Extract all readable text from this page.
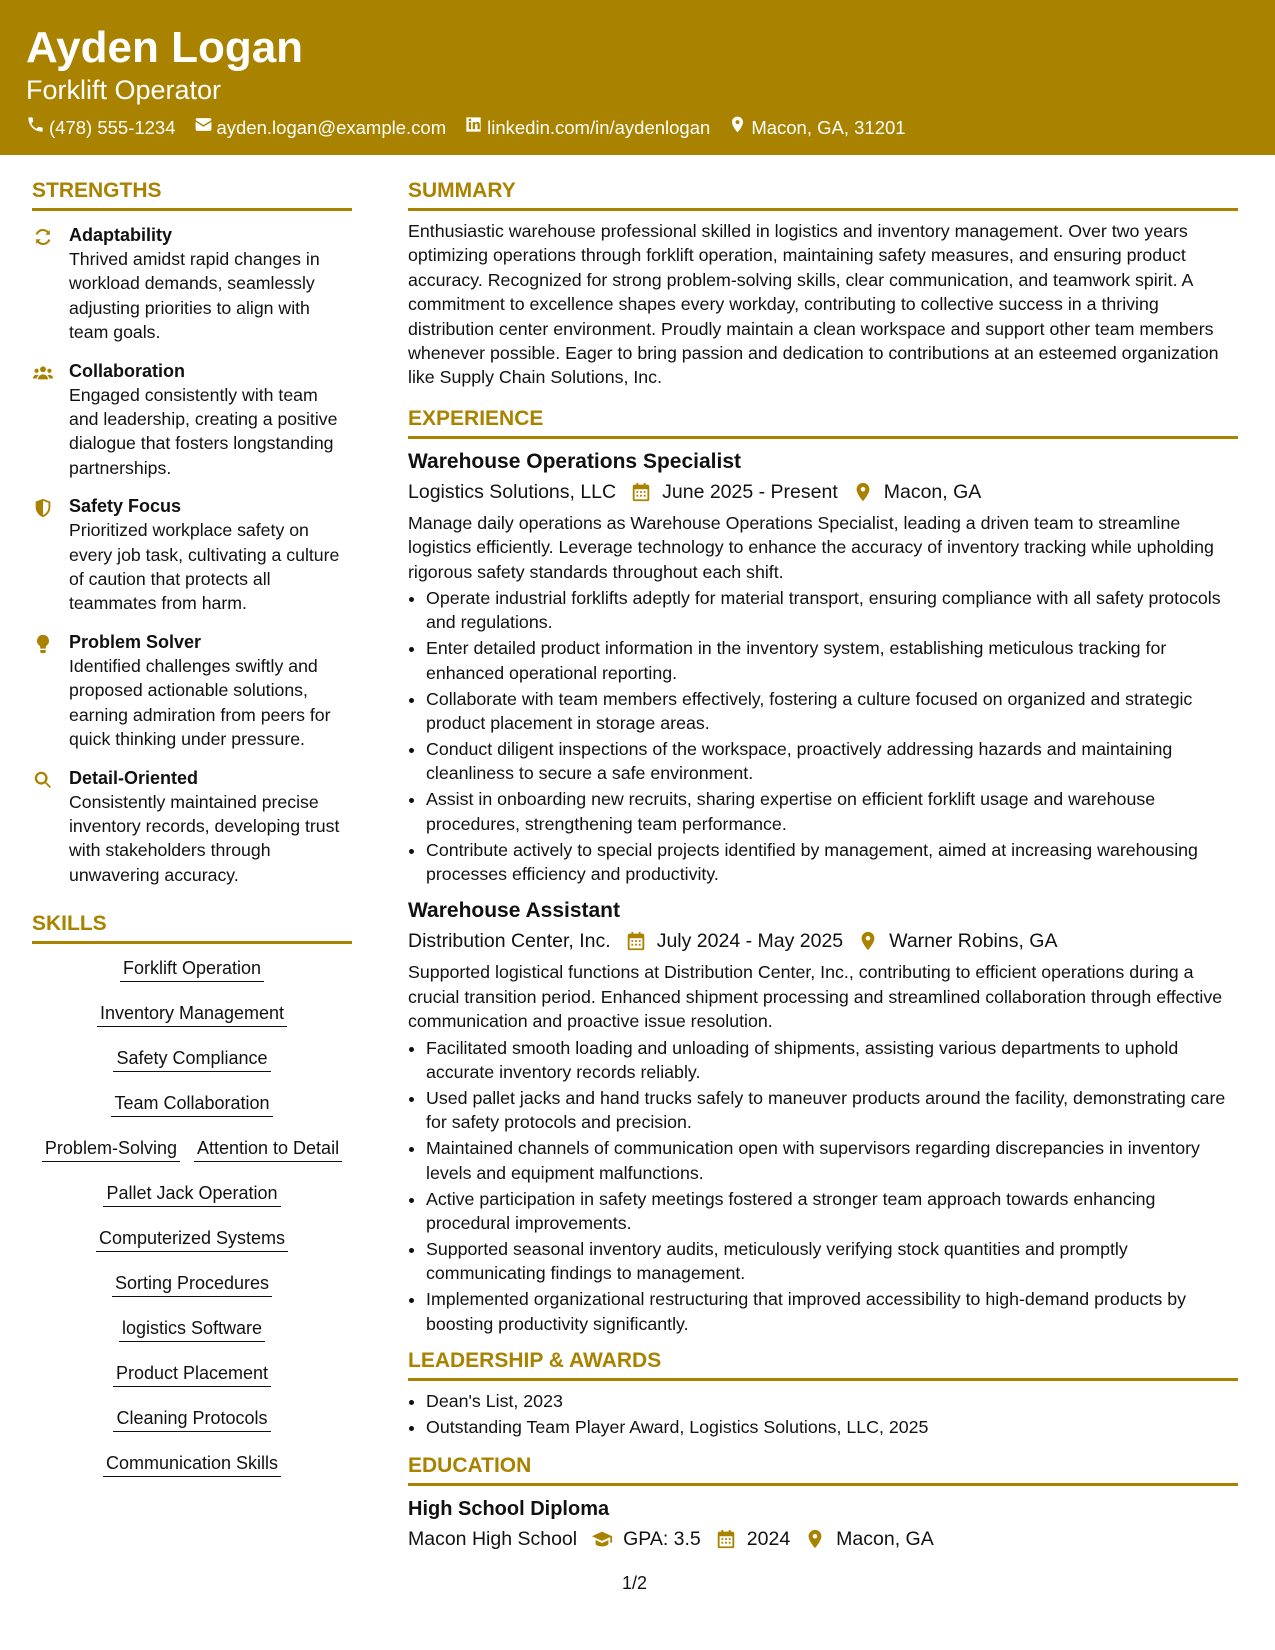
Ayden Logan
Forklift Operator
(478) 555-1234 ayden.logan@example.com linkedin.com/in/aydenlogan Macon, GA, 31201
STRENGTHS
Adaptability
Thrived amidst rapid changes in workload demands, seamlessly adjusting priorities to align with team goals.
Collaboration
Engaged consistently with team and leadership, creating a positive dialogue that fosters longstanding partnerships.
Safety Focus
Prioritized workplace safety on every job task, cultivating a culture of caution that protects all teammates from harm.
Problem Solver
Identified challenges swiftly and proposed actionable solutions, earning admiration from peers for quick thinking under pressure.
Detail-Oriented
Consistently maintained precise inventory records, developing trust with stakeholders through unwavering accuracy.
SKILLS
Forklift Operation
Inventory Management
Safety Compliance
Team Collaboration
Problem-Solving Attention to Detail
Pallet Jack Operation
Computerized Systems
Sorting Procedures
logistics Software
Product Placement
Cleaning Protocols
Communication Skills
SUMMARY
Enthusiastic warehouse professional skilled in logistics and inventory management. Over two years optimizing operations through forklift operation, maintaining safety measures, and ensuring product accuracy. Recognized for strong problem-solving skills, clear communication, and teamwork spirit. A commitment to excellence shapes every workday, contributing to collective success in a thriving distribution center environment. Proudly maintain a clean workspace and support other team members whenever possible. Eager to bring passion and dedication to contributions at an esteemed organization like Supply Chain Solutions, Inc.
EXPERIENCE
Warehouse Operations Specialist
Logistics Solutions, LLC June 2025 - Present Macon, GA
Manage daily operations as Warehouse Operations Specialist, leading a driven team to streamline logistics efficiently. Leverage technology to enhance the accuracy of inventory tracking while upholding rigorous safety standards throughout each shift.
• Operate industrial forklifts adeptly for material transport, ensuring compliance with all safety protocols and regulations.
• Enter detailed product information in the inventory system, establishing meticulous tracking for enhanced operational reporting.
• Collaborate with team members effectively, fostering a culture focused on organized and strategic product placement in storage areas.
• Conduct diligent inspections of the workspace, proactively addressing hazards and maintaining cleanliness to secure a safe environment.
• Assist in onboarding new recruits, sharing expertise on efficient forklift usage and warehouse procedures, strengthening team performance.
• Contribute actively to special projects identified by management, aimed at increasing warehousing processes efficiency and productivity.
Warehouse Assistant
Distribution Center, Inc. July 2024 - May 2025 Warner Robins, GA
Supported logistical functions at Distribution Center, Inc., contributing to efficient operations during a crucial transition period. Enhanced shipment processing and streamlined collaboration through effective communication and proactive issue resolution.
• Facilitated smooth loading and unloading of shipments, assisting various departments to uphold accurate inventory records reliably.
• Used pallet jacks and hand trucks safely to maneuver products around the facility, demonstrating care for safety protocols and precision.
• Maintained channels of communication open with supervisors regarding discrepancies in inventory levels and equipment malfunctions.
• Active participation in safety meetings fostered a stronger team approach towards enhancing procedural improvements.
• Supported seasonal inventory audits, meticulously verifying stock quantities and promptly communicating findings to management.
• Implemented organizational restructuring that improved accessibility to high-demand products by boosting productivity significantly.
LEADERSHIP & AWARDS
• Dean's List, 2023
• Outstanding Team Player Award, Logistics Solutions, LLC, 2025
EDUCATION
High School Diploma
Macon High School GPA: 3.5 2024 Macon, GA
1/2
